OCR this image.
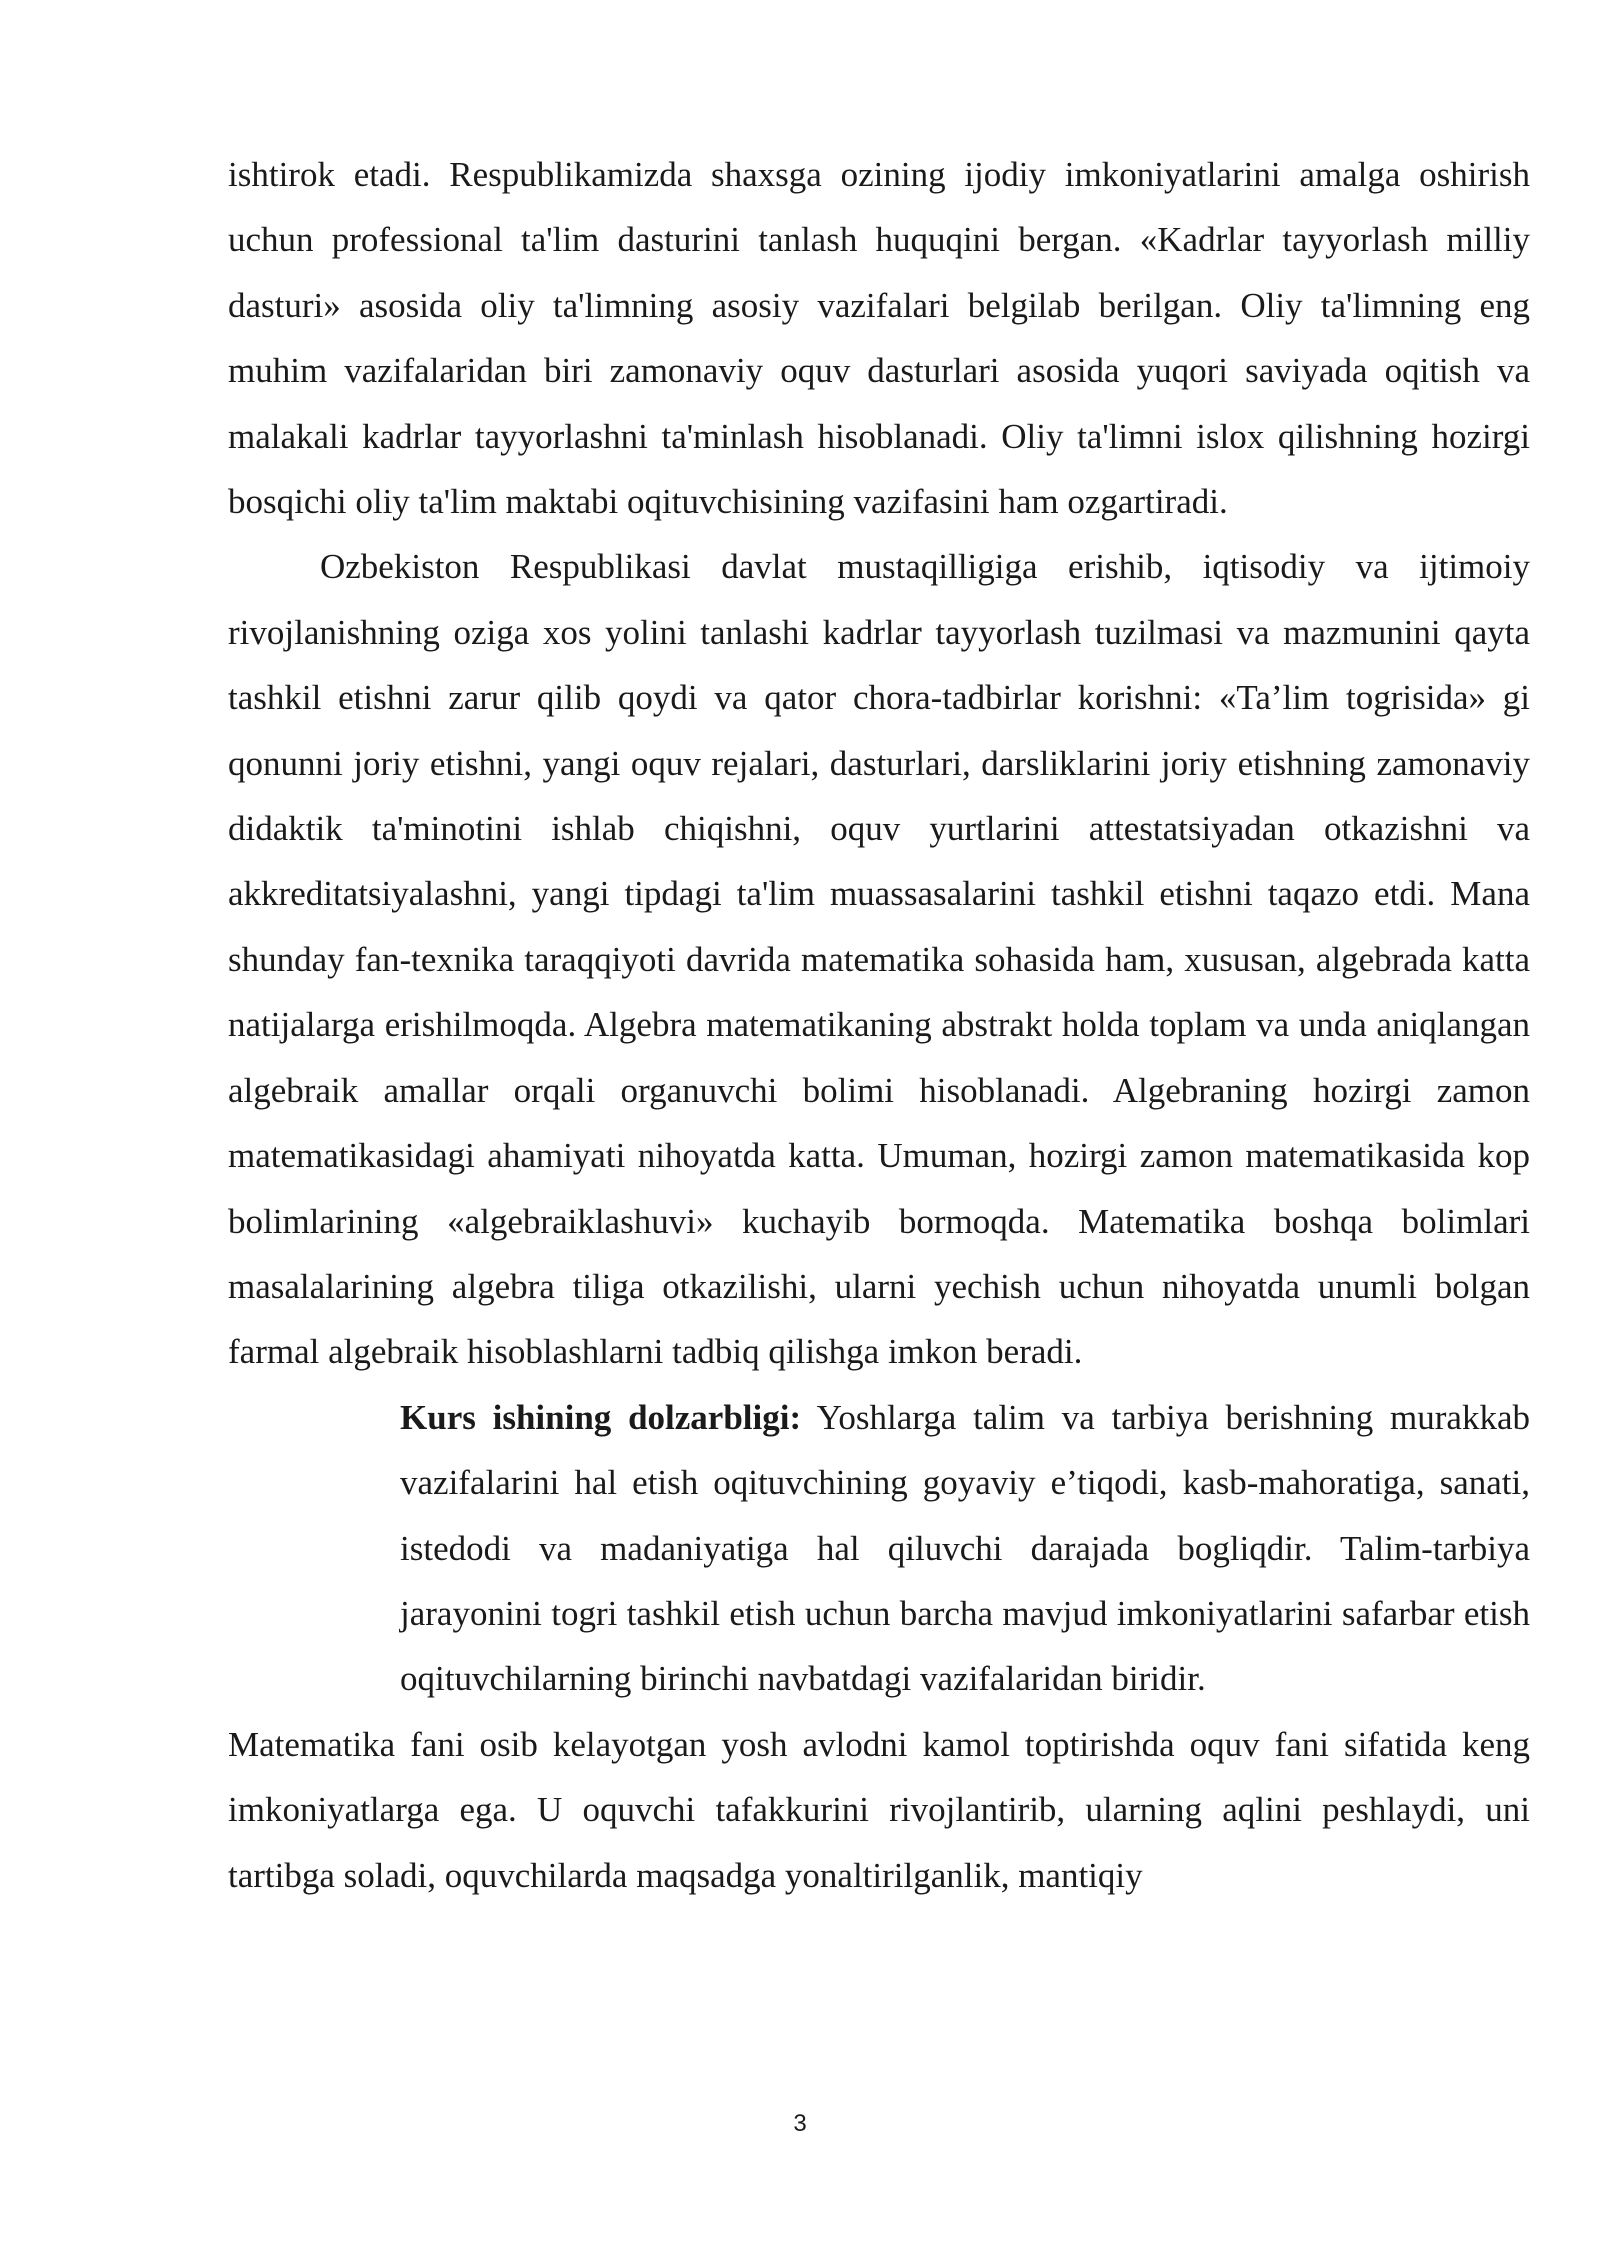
ishtirok etadi. Respublikamizda shaxsga ozining ijodiy imkoniyatlarini amalga oshirish uchun professional ta'lim dasturini tanlash huquqini bergan. «Kadrlar tayyorlash milliy dasturi» asosida oliy ta'limning asosiy vazifalari belgilab berilgan. Oliy ta'limning eng muhim vazifalaridan biri zamonaviy oquv dasturlari asosida yuqori saviyada oqitish va malakali kadrlar tayyorlashni ta'minlash hisoblanadi. Oliy ta'limni islox qilishning hozirgi bosqichi oliy ta'lim maktabi oqituvchisining vazifasini ham ozgartiradi.

Ozbekiston Respublikasi davlat mustaqilligiga erishib, iqtisodiy va ijtimoiy rivojlanishning oziga xos yolini tanlashi kadrlar tayyorlash tuzilmasi va mazmunini qayta tashkil etishni zarur qilib qoydi va qator chora-tadbirlar korishni: «Ta’lim togrisida» gi qonunni joriy etishni, yangi oquv rejalari, dasturlari, darsliklarini joriy etishning zamonaviy didaktik ta'minotini ishlab chiqishni, oquv yurtlarini attestatsiyadan otkazishni va akkreditatsiyalashni, yangi tipdagi ta'lim muassasalarini tashkil etishni taqazo etdi. Mana shunday fan-texnika taraqqiyoti davrida matematika sohasida ham, xususan, algebrada katta natijalarga erishilmoqda. Algebra matematikaning abstrakt holda toplam va unda aniqlangan algebraik amallar orqali organuvchi bolimi hisoblanadi. Algebraning hozirgi zamon matematikasidagi ahamiyati nihoyatda katta. Umuman, hozirgi zamon matematikasida kop bolimlarining «algebraiklashuvi» kuchayib bormoqda. Matematika boshqa bolimlari masalalarining algebra tiliga otkazilishi, ularni yechish uchun nihoyatda unumli bolgan farmal algebraik hisoblashlarni tadbiq qilishga imkon beradi.

Kurs ishining dolzarbligi: Yoshlarga talim va tarbiya berishning murakkab vazifalarini hal etish oqituvchining goyaviy e’tiqodi, kasb-mahoratiga, sanati, istedodi va madaniyatiga hal qiluvchi darajada bogliqdir. Talim-tarbiya jarayonini togri tashkil etish uchun barcha mavjud imkoniyatlarini safarbar etish oqituvchilarning birinchi navbatdagi vazifalaridan biridir.

Matematika fani osib kelayotgan yosh avlodni kamol toptirishda oquv fani sifatida keng imkoniyatlarga ega. U oquvchi tafakkurini rivojlantirib, ularning aqlini peshlaydi, uni tartibga soladi, oquvchilarda maqsadga yonaltirilganlik, mantiqiy

3
